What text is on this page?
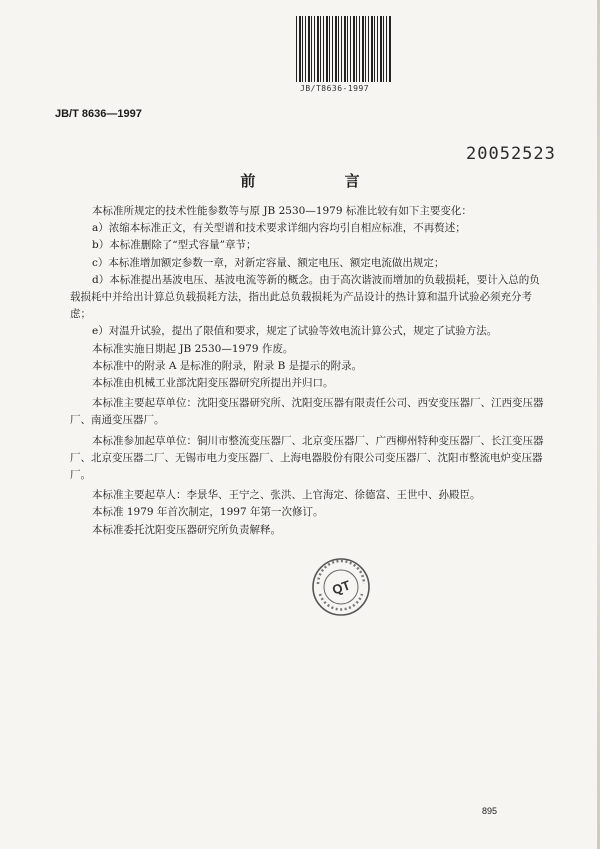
JB/T8636-1997
JB/T 8636—1997
20052523
前 言

本标准所规定的技术性能参数等与原 JB 2530—1979 标准比较有如下主要变化：

a）浓缩本标准正文，有关型谱和技术要求详细内容均引自相应标准，不再赘述；

b）本标准删除了“型式容量”章节；

c）本标准增加额定参数一章，对新定容量、额定电压、额定电流做出规定；

d）本标准提出基波电压、基波电流等新的概念。由于高次谐波而增加的负载损耗，要计入总的负载损耗中并给出计算总负载损耗方法，指出此总负载损耗为产品设计的热计算和温升试验必须充分考虑；

e）对温升试验，提出了限值和要求，规定了试验等效电流计算公式，规定了试验方法。

本标准实施日期起 JB 2530—1979 作废。

本标准中的附录 A 是标准的附录，附录 B 是提示的附录。

本标准由机械工业部沈阳变压器研究所提出并归口。

本标准主要起草单位：沈阳变压器研究所、沈阳变压器有限责任公司、西安变压器厂、江西变压器厂、南通变压器厂。

本标准参加起草单位：铜川市整流变压器厂、北京变压器厂、广西柳州特种变压器厂、长江变压器厂、北京变压器二厂、无锡市电力变压器厂、上海电器股份有限公司变压器厂、沈阳市整流电炉变压器厂。

本标准主要起草人：李景华、王宁之、张洪、上官海定、徐德富、王世中、孙殿臣。

本标准 1979 年首次制定，1997 年第一次修订。

本标准委托沈阳变压器研究所负责解释。

QT
895
